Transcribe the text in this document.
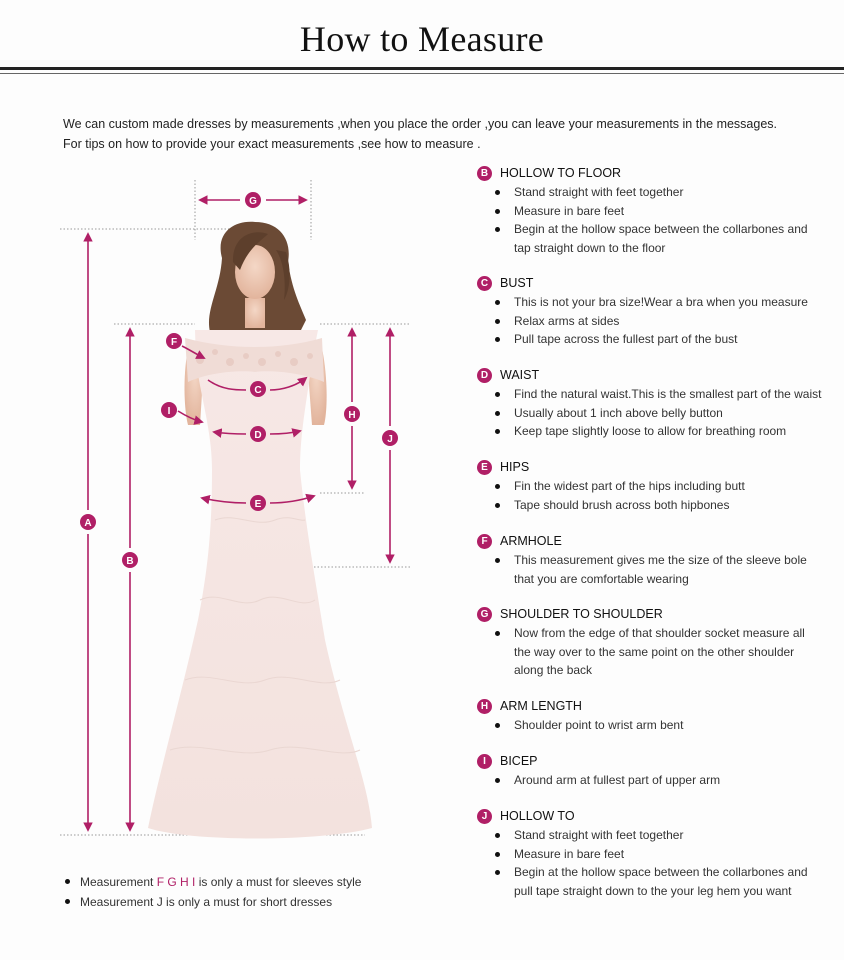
How to Measure
We can custom made dresses by measurements ,when you place the order ,you can leave your measurements in the messages.
For tips on how to provide your exact measurements ,see how to measure .
G
F
C
I
D
H
J
E
A
B
B HOLLOW TO FLOOR
Stand straight with feet together
Measure in bare feet
Begin at the hollow space between the collarbones and tap straight down to the floor
C BUST
This is not your bra size!Wear a bra when you measure
Relax arms at sides
Pull tape across the fullest part of the bust
D WAIST
Find the natural waist.This is the smallest part of the waist
Usually about 1 inch above belly button
Keep tape slightly loose to allow for breathing room
E HIPS
Fin the widest part of the hips including butt
Tape should brush across both hipbones
F ARMHOLE
This measurement gives me the size of the sleeve bole that you are comfortable wearing
G SHOULDER TO SHOULDER
Now from the edge of that shoulder socket measure all the way over to the same point on the other shoulder along the back
H ARM LENGTH
Shoulder point to wrist arm bent
I	BICEP
Around arm at fullest part of upper arm
J	HOLLOW TO
Stand straight with feet together
Measure in bare feet
Begin at the hollow space between the collarbones and pull tape straight down to the your leg hem you want
Measurement F G H I is only a must for sleeves style
Measurement J is only a must for short dresses
